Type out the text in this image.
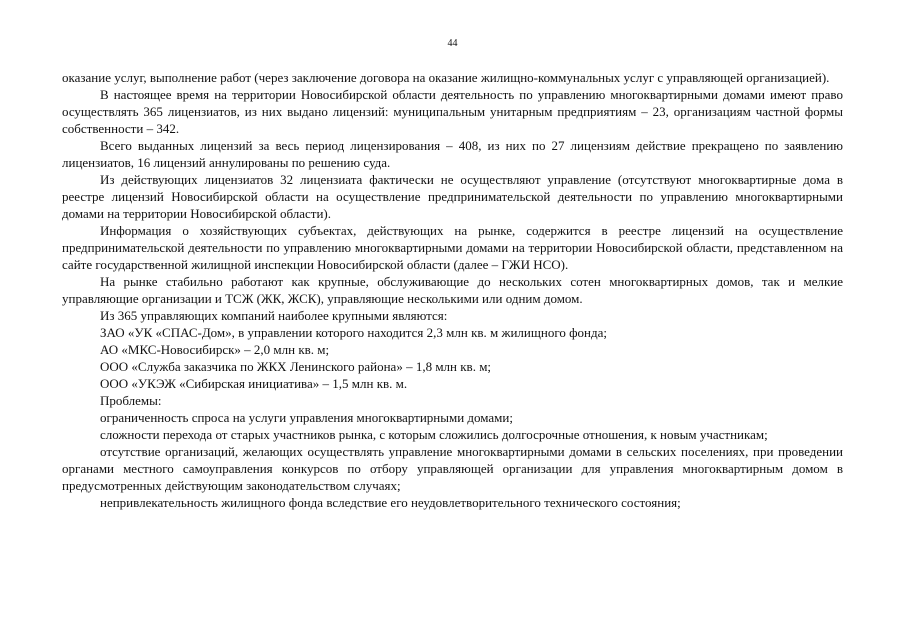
44

оказание услуг, выполнение работ (через заключение договора на оказание жилищно-коммунальных услуг с управляющей организацией).

В настоящее время на территории Новосибирской области деятельность по управлению многоквартирными домами имеют право осуществлять 365 лицензиатов, из них выдано лицензий: муниципальным унитарным предприятиям – 23, организациям частной формы собственности – 342.

Всего выданных лицензий за весь период лицензирования – 408, из них по 27 лицензиям действие прекращено по заявлению лицензиатов, 16 лицензий аннулированы по решению суда.

Из действующих лицензиатов 32 лицензиата фактически не осуществляют управление (отсутствуют многоквартирные дома в реестре лицензий Новосибирской области на осуществление предпринимательской деятельности по управлению многоквартирными домами на территории Новосибирской области).

Информация о хозяйствующих субъектах, действующих на рынке, содержится в реестре лицензий на осуществление предпринимательской деятельности по управлению многоквартирными домами на территории Новосибирской области, представленном на сайте государственной жилищной инспекции Новосибирской области (далее – ГЖИ НСО).

На рынке стабильно работают как крупные, обслуживающие до нескольких сотен многоквартирных домов, так и мелкие управляющие организации и ТСЖ (ЖК, ЖСК), управляющие несколькими или одним домом.

Из 365 управляющих компаний наиболее крупными являются:

ЗАО «УК «СПАС-Дом», в управлении которого находится 2,3 млн кв. м жилищного фонда;

АО «МКС-Новосибирск» – 2,0 млн кв. м;

ООО «Служба заказчика по ЖКХ Ленинского района» – 1,8 млн кв. м;

ООО «УКЭЖ «Сибирская инициатива» – 1,5 млн кв. м.

Проблемы:

ограниченность спроса на услуги управления многоквартирными домами;

сложности перехода от старых участников рынка, с которым сложились долгосрочные отношения, к новым участникам;

отсутствие организаций, желающих осуществлять управление многоквартирными домами в сельских поселениях, при проведении органами местного самоуправления конкурсов по отбору управляющей организации для управления многоквартирным домом в предусмотренных действующим законодательством случаях;

непривлекательность жилищного фонда вследствие его неудовлетворительного технического состояния;
